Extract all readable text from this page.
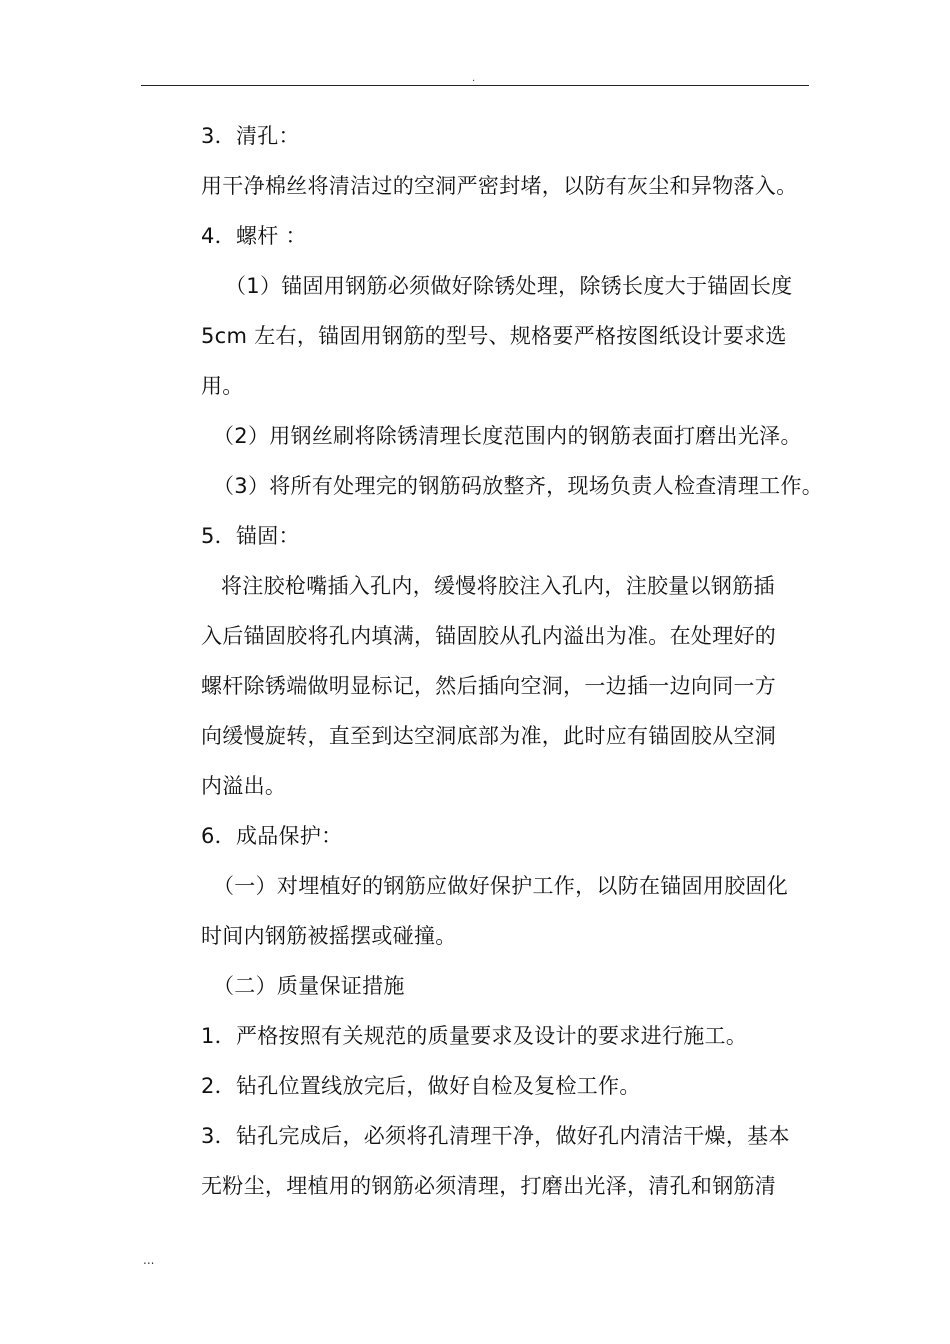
.
3．清孔：
用干净棉丝将清洁过的空洞严密封堵，以防有灰尘和异物落入。
4．螺杆 ：
（1）锚固用钢筋必须做好除锈处理，除锈长度大于锚固长度
5cm 左右，锚固用钢筋的型号、规格要严格按图纸设计要求选
用。
（2）用钢丝刷将除锈清理长度范围内的钢筋表面打磨出光泽。
（3）将所有处理完的钢筋码放整齐，现场负责人检查清理工作。
5．锚固：
将注胶枪嘴插入孔内，缓慢将胶注入孔内，注胶量以钢筋插
入后锚固胶将孔内填满，锚固胶从孔内溢出为准。在处理好的
螺杆除锈端做明显标记，然后插向空洞，一边插一边向同一方
向缓慢旋转，直至到达空洞底部为准，此时应有锚固胶从空洞
内溢出。
6．成品保护：
（一）对埋植好的钢筋应做好保护工作，以防在锚固用胶固化
时间内钢筋被摇摆或碰撞。
（二）质量保证措施
1．严格按照有关规范的质量要求及设计的要求进行施工。
2．钻孔位置线放完后，做好自检及复检工作。
3．钻孔完成后，必须将孔清理干净，做好孔内清洁干燥，基本
无粉尘，埋植用的钢筋必须清理，打磨出光泽，清孔和钢筋清
...
